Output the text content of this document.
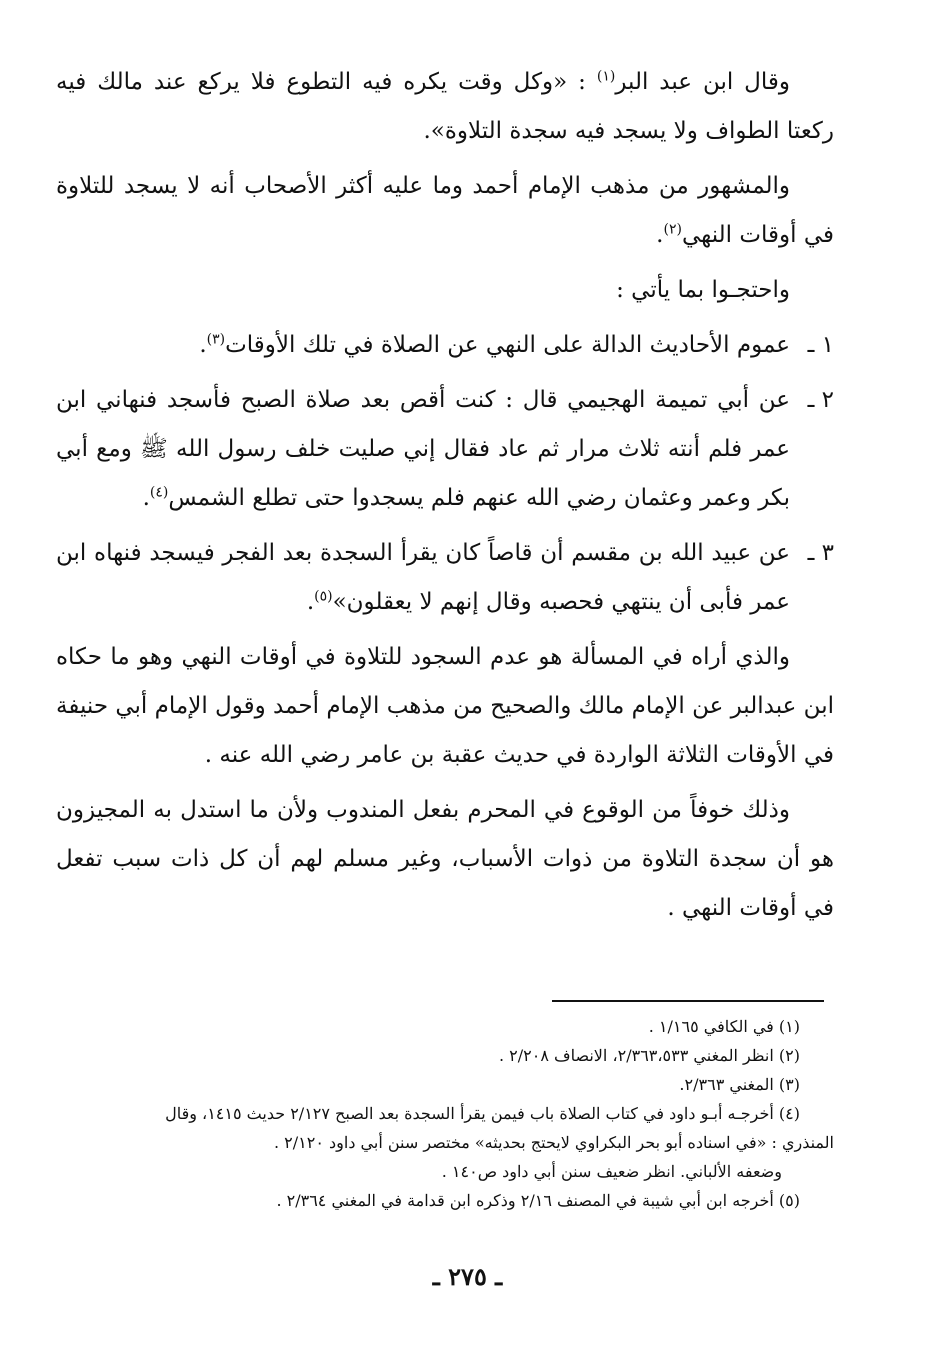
وقال ابن عبد البر$^{(١)}$ : «وكل وقت يكره فيه التطوع فلا يركع عند مالك فيه ركعتا الطواف ولا يسجد فيه سجدة التلاوة».

والمشهور من مذهب الإمام أحمد وما عليه أكثر الأصحاب أنه لا يسجد للتلاوة في أوقات النهي$^{(٢)}$.

واحتجـوا بما يأتي :

١ ـعموم الأحاديث الدالة على النهي عن الصلاة في تلك الأوقات$^{(٣)}$.

٢ ـعن أبي تميمة الهجيمي قال : كنت أقص بعد صلاة الصبح فأسجد فنهاني ابن عمر فلم أنته ثلاث مرار ثم عاد فقال إني صليت خلف رسول الله ﷺ ومع أبي بكر وعمر وعثمان رضي الله عنهم فلم يسجدوا حتى تطلع الشمس$^{(٤)}$.

٣ ـعن عبيد الله بن مقسم أن قاصاً كان يقرأ السجدة بعد الفجر فيسجد فنهاه ابن عمر فأبى أن ينتهي فحصبه وقال إنهم لا يعقلون»$^{(٥)}$.

والذي أراه في المسألة هو عدم السجود للتلاوة في أوقات النهي وهو ما حكاه ابن عبدالبر عن الإمام مالك والصحيح من مذهب الإمام أحمد وقول الإمام أبي حنيفة في الأوقات الثلاثة الواردة في حديث عقبة بن عامر رضي الله عنه .

وذلك خوفاً من الوقوع في المحرم بفعل المندوب ولأن ما استدل به المجيزون هو أن سجدة التلاوة من ذوات الأسباب، وغير مسلم لهم أن كل ذات سبب تفعل في أوقات النهي .

(١) في الكافي ١/١٦٥ .

(٢) انظر المغني ٢/٣٦٣،٥٣٣، الانصاف ٢/٢٠٨ .

(٣) المغني ٢/٣٦٣.

(٤) أخرجـه أبـو داود في كتاب الصلاة باب فيمن يقرأ السجدة بعد الصبح ٢/١٢٧ حديث ١٤١٥، وقال

المنذري : «في اسناده أبو بحر البكراوي لايحتج بحديثه» مختصر سنن أبي داود ٢/١٢٠ .

وضعفه الألباني. انظر ضعيف سنن أبي داود ص١٤٠ .

(٥) أخرجه ابن أبي شيبة في المصنف ٢/١٦ وذكره ابن قدامة في المغني ٢/٣٦٤ .

ـ ٢٧٥ ـ
